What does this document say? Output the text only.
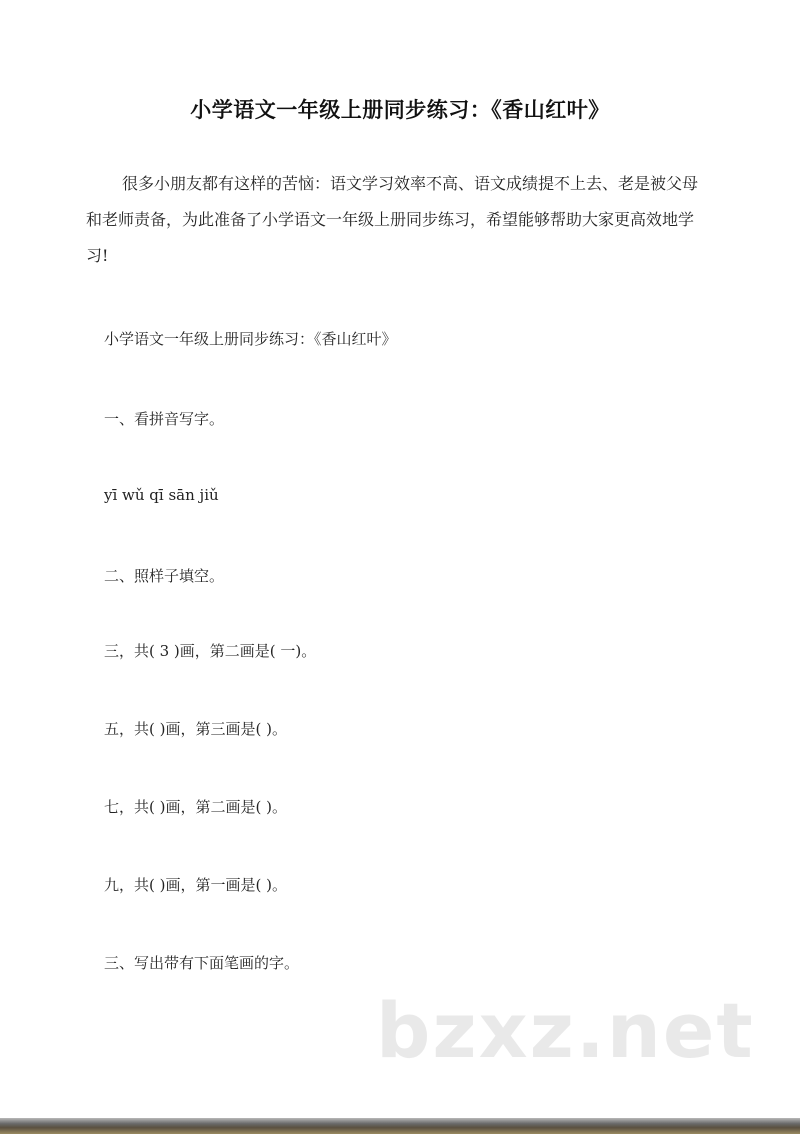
小学语文一年级上册同步练习：《香山红叶》
很多小朋友都有这样的苦恼：语文学习效率不高、语文成绩提不上去、老是被父母和老师责备，为此准备了小学语文一年级上册同步练习，希望能够帮助大家更高效地学习!
小学语文一年级上册同步练习：《香山红叶》
一、看拼音写字。
yī wǔ qī sān jiǔ
二、照样子填空。
三，共( 3 )画，第二画是( 一)。
五，共( )画，第三画是( )。
七，共( )画，第二画是( )。
九，共( )画，第一画是( )。
三、写出带有下面笔画的字。
bzxz.net
